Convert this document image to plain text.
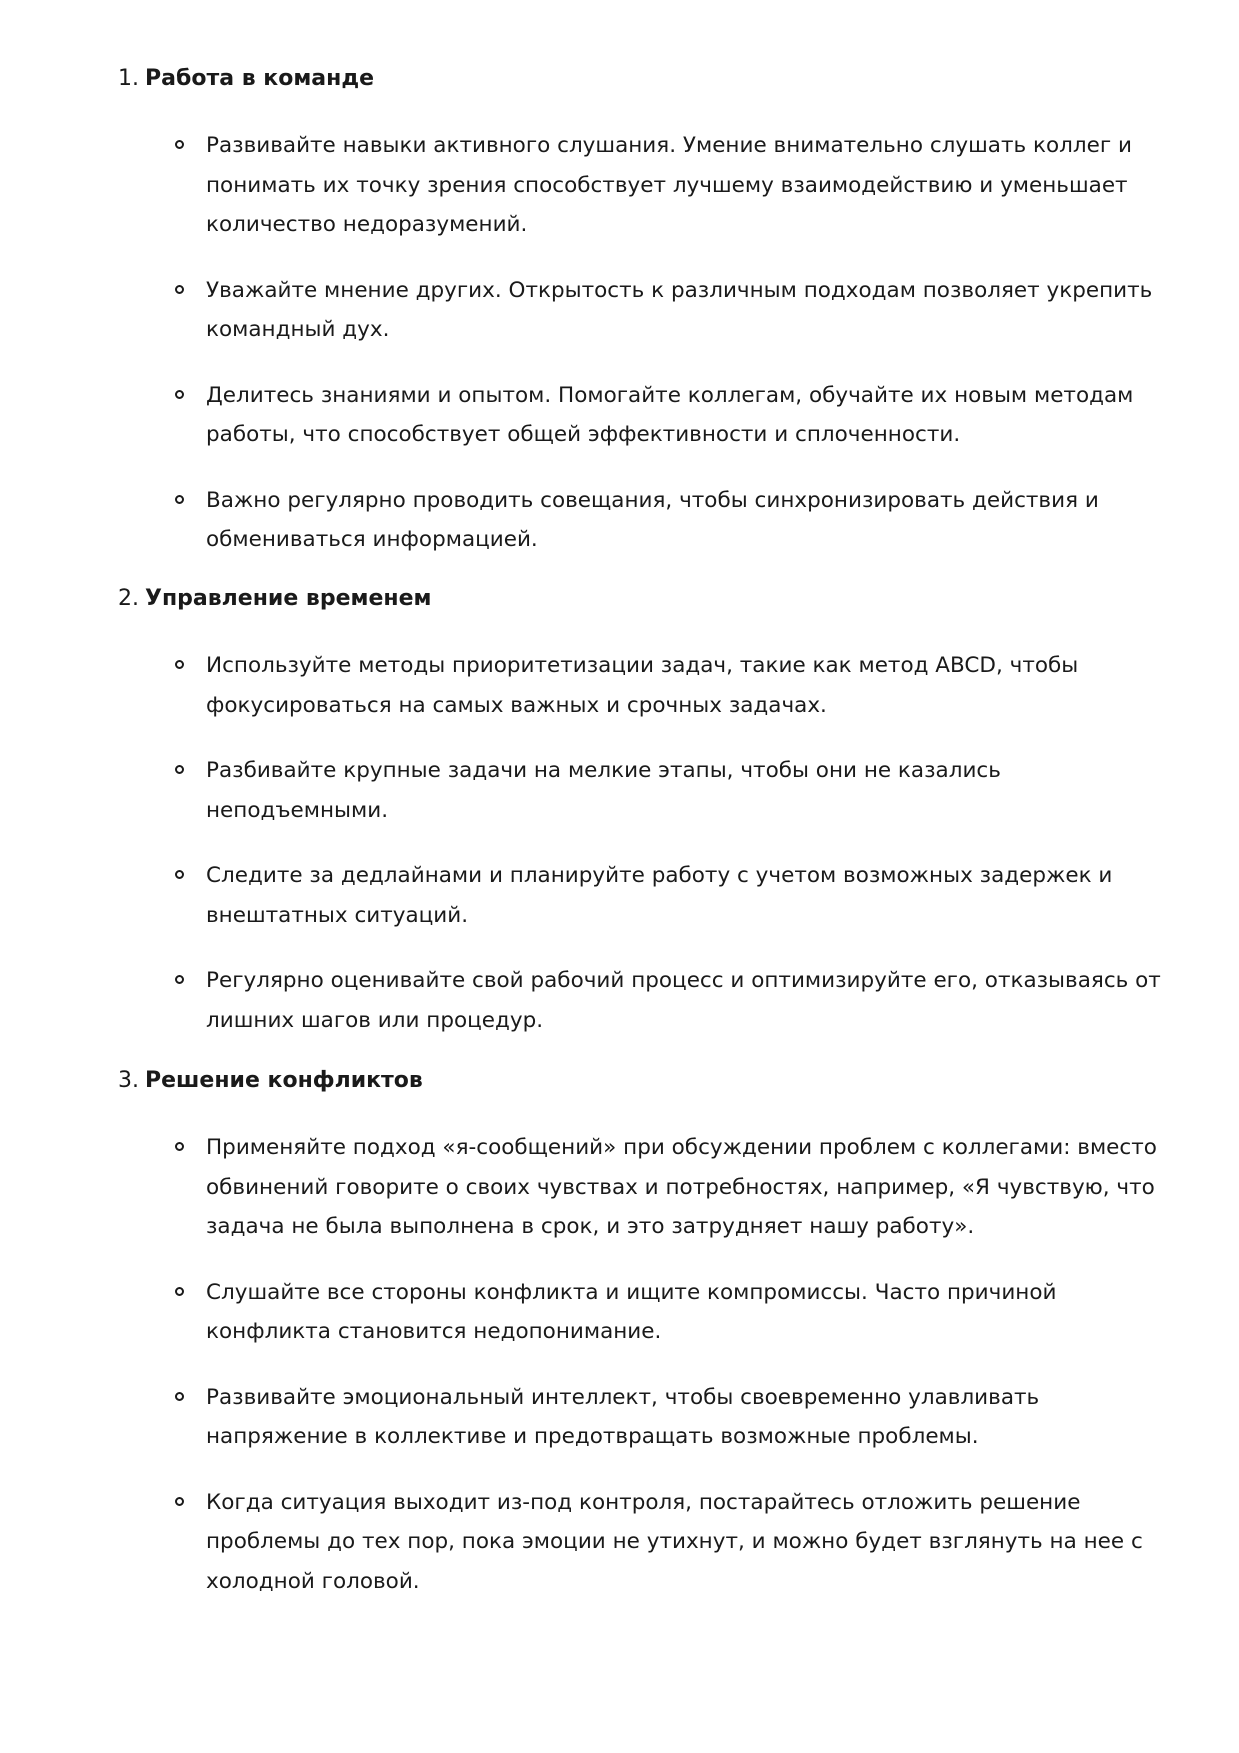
1. Работа в команде
Развивайте навыки активного слушания. Умение внимательно слушать коллег и понимать их точку зрения способствует лучшему взаимодействию и уменьшает количество недоразумений.
Уважайте мнение других. Открытость к различным подходам позволяет укрепить командный дух.
Делитесь знаниями и опытом. Помогайте коллегам, обучайте их новым методам работы, что способствует общей эффективности и сплоченности.
Важно регулярно проводить совещания, чтобы синхронизировать действия и обмениваться информацией.
2. Управление временем
Используйте методы приоритетизации задач, такие как метод ABCD, чтобы фокусироваться на самых важных и срочных задачах.
Разбивайте крупные задачи на мелкие этапы, чтобы они не казались неподъемными.
Следите за дедлайнами и планируйте работу с учетом возможных задержек и внештатных ситуаций.
Регулярно оценивайте свой рабочий процесс и оптимизируйте его, отказываясь от лишних шагов или процедур.
3. Решение конфликтов
Применяйте подход «я-сообщений» при обсуждении проблем с коллегами: вместо обвинений говорите о своих чувствах и потребностях, например, «Я чувствую, что задача не была выполнена в срок, и это затрудняет нашу работу».
Слушайте все стороны конфликта и ищите компромиссы. Часто причиной конфликта становится недопонимание.
Развивайте эмоциональный интеллект, чтобы своевременно улавливать напряжение в коллективе и предотвращать возможные проблемы.
Когда ситуация выходит из-под контроля, постарайтесь отложить решение проблемы до тех пор, пока эмоции не утихнут, и можно будет взглянуть на нее с холодной головой.
